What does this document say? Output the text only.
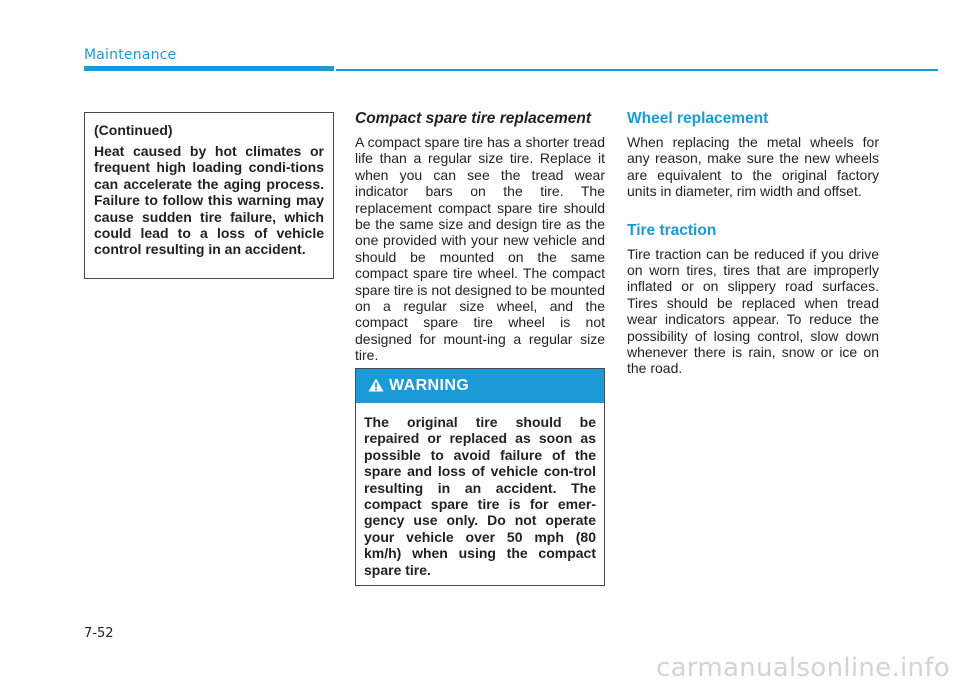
Maintenance
(Continued)
Heat caused by hot climates or frequent high loading condi-tions can accelerate the aging process. Failure to follow this warning may cause sudden tire failure, which could lead to a loss of vehicle control resulting in an accident.
Compact spare tire replacement

A compact spare tire has a shorter tread life than a regular size tire. Replace it when you can see the tread wear indicator bars on the tire. The replacement compact spare tire should be the same size and design tire as the one provided with your new vehicle and should be mounted on the same compact spare tire wheel. The compact spare tire is not designed to be mounted on a regular size wheel, and the compact spare tire wheel is not designed for mount-ing a regular size tire.

WARNING
The original tire should be repaired or replaced as soon as possible to avoid failure of the spare and loss of vehicle con-trol resulting in an accident. The compact spare tire is for emer-gency use only. Do not operate your vehicle over 50 mph (80 km/h) when using the compact spare tire.
Wheel replacement

When replacing the metal wheels for any reason, make sure the new wheels are equivalent to the original factory units in diameter, rim width and offset.

Tire traction

Tire traction can be reduced if you drive on worn tires, tires that are improperly inflated or on slippery road surfaces. Tires should be replaced when tread wear indicators appear. To reduce the possibility of losing control, slow down whenever there is rain, snow or ice on the road.

7-52
carmanualsonline.info
